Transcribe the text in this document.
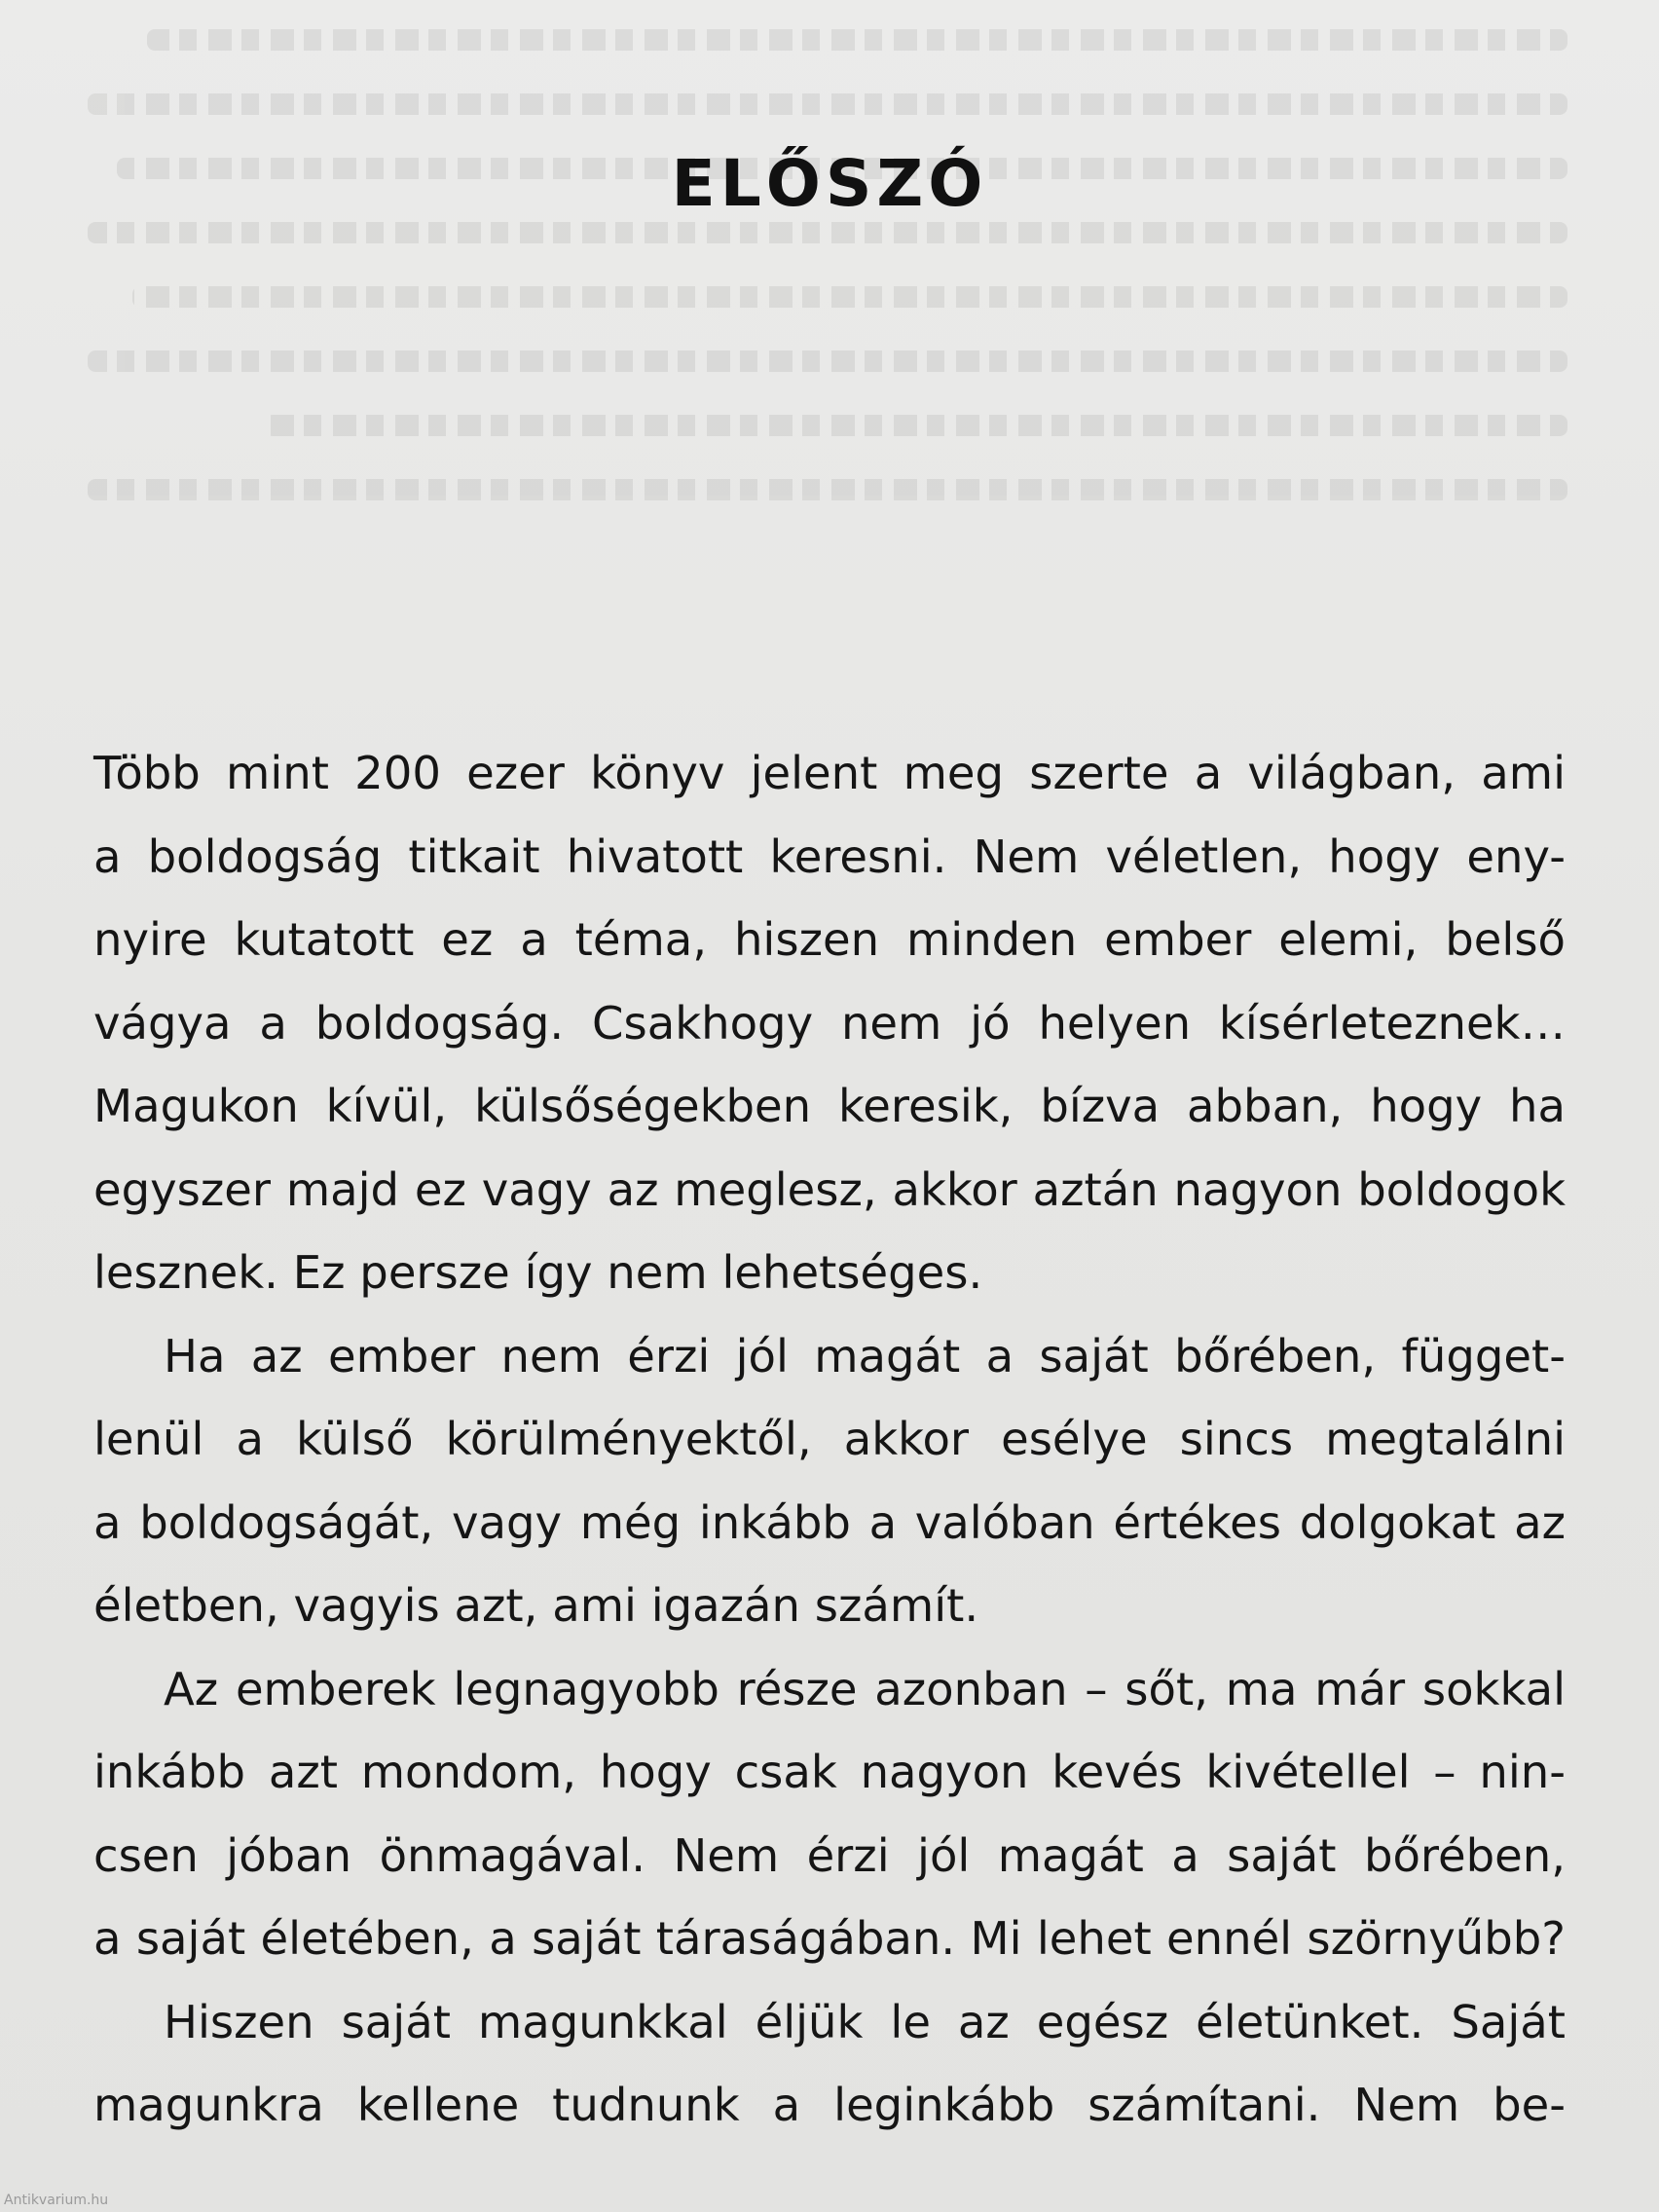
ELŐSZÓ
Több mint 200 ezer könyv jelent meg szerte a világban, ami
a boldogság titkait hivatott keresni. Nem véletlen, hogy eny-
nyire kutatott ez a téma, hiszen minden ember elemi, belső
vágya a boldogság. Csakhogy nem jó helyen kísérleteznek…
Magukon kívül, külsőségekben keresik, bízva abban, hogy ha
egyszer majd ez vagy az meglesz, akkor aztán nagyon boldogok
lesznek. Ez persze így nem lehetséges.
Ha az ember nem érzi jól magát a saját bőrében, függet-
lenül a külső körülményektől, akkor esélye sincs megtalálni
a boldogságát, vagy még inkább a valóban értékes dolgokat az
életben, vagyis azt, ami igazán számít.
Az emberek legnagyobb része azonban – sőt, ma már sokkal
inkább azt mondom, hogy csak nagyon kevés kivétellel – nin-
csen jóban önmagával. Nem érzi jól magát a saját bőrében,
a saját életében, a saját táraságában. Mi lehet ennél szörnyűbb?
Hiszen saját magunkkal éljük le az egész életünket. Saját
magunkra kellene tudnunk a leginkább számítani. Nem be-
Antikvarium.hu
